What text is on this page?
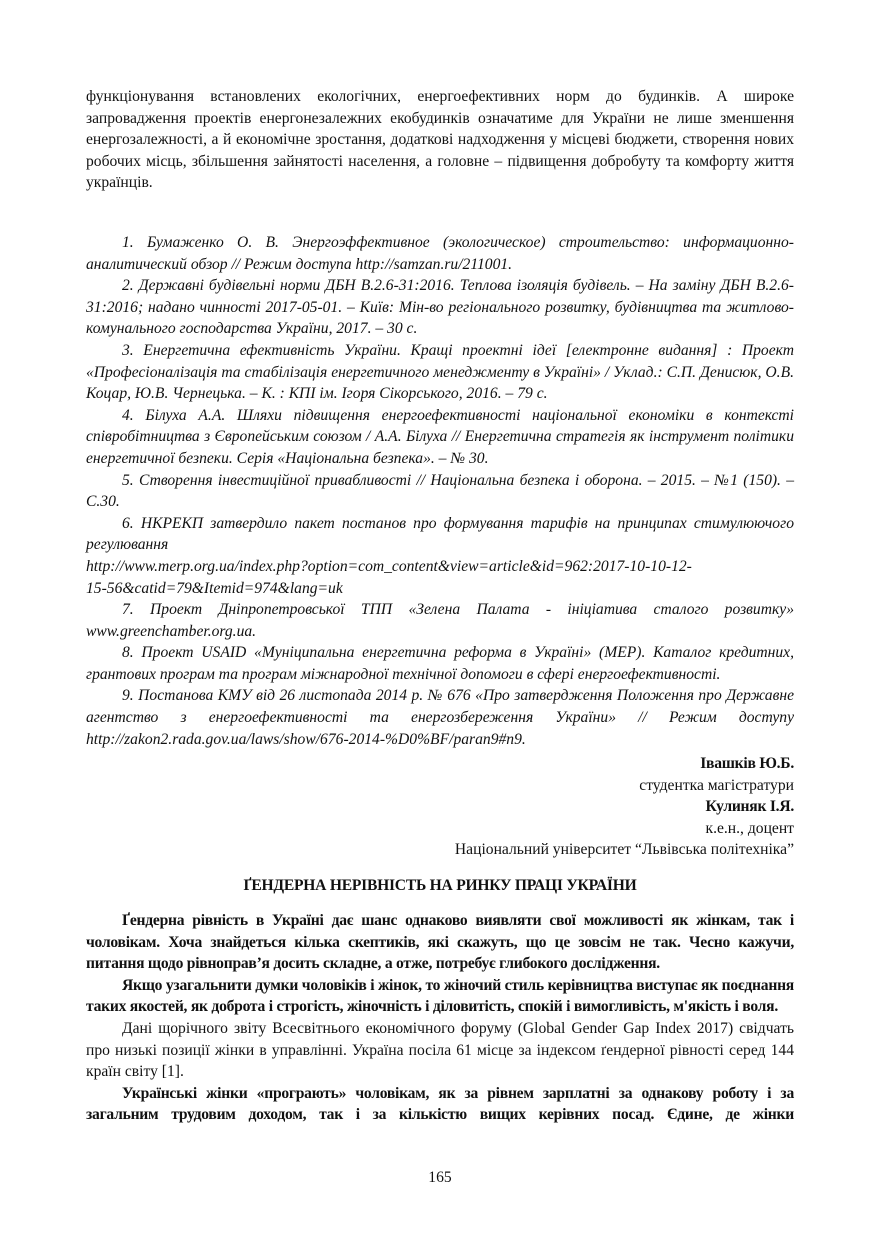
функціонування встановлених екологічних, енергоефективних норм до будинків. А широке запровадження проектів енергонезалежних екобудинків означатиме для України не лише зменшення енергозалежності, а й економічне зростання, додаткові надходження у місцеві бюджети, створення нових робочих місць, збільшення зайнятості населення, а головне – підвищення добробуту та комфорту життя українців.

1. Бумаженко О. В. Энергоэффективное (экологическое) строительство: информационно-аналитический обзор // Режим доступа http://samzan.ru/211001.

2. Державні будівельні норми ДБН В.2.6-31:2016. Теплова ізоляція будівель. – На заміну ДБН В.2.6-31:2016; надано чинності 2017-05-01. – Київ: Мін-во регіонального розвитку, будівництва та житлово-комунального господарства України, 2017. – 30 с.

3. Енергетична ефективність України. Кращі проектні ідеї [електронне видання] : Проект «Професіоналізація та стабілізація енергетичного менеджменту в Україні» / Уклад.: С.П. Денисюк, О.В. Коцар, Ю.В. Чернецька. – К. : КПІ ім. Ігоря Сікорського, 2016. – 79 с.

4. Білуха А.А. Шляхи підвищення енергоефективності національної економіки в контексті співробітництва з Європейським союзом / А.А. Білуха // Енергетична стратегія як інструмент політики енергетичної безпеки. Серія «Національна безпека». – № 30.

5. Створення інвестиційної привабливості // Національна безпека і оборона. – 2015. – №1 (150). – С.30.

6. НКРЕКП затвердило пакет постанов про формування тарифів на принципах стимулюючого регулювання
http://www.merp.org.ua/index.php?option=com_content&view=article&id=962:2017-10-10-12-
15-56&catid=79&Itemid=974&lang=uk

7. Проект Дніпропетровської ТПП «Зелена Палата - ініціатива сталого розвитку» www.greenchamber.org.ua.

8. Проект USAID «Муніципальна енергетична реформа в Україні» (МЕР). Каталог кредитних, грантових програм та програм міжнародної технічної допомоги в сфері енергоефективності.

9. Постанова КМУ від 26 листопада 2014 р. № 676 «Про затвердження Положення про Державне агентство з енергоефективності та енергозбереження України» // Режим доступу http://zakon2.rada.gov.ua/laws/show/676-2014-%D0%BF/paran9#n9.

Івашків Ю.Б.

студентка магістратури

Кулиняк І.Я.

к.е.н., доцент

Національний університет “Львівська політехніка”

ҐЕНДЕРНА НЕРІВНІСТЬ НА РИНКУ ПРАЦІ УКРАЇНИ

Ґендерна рівність в Україні дає шанс однаково виявляти свої можливості як жінкам, так і чоловікам. Хоча знайдеться кілька скептиків, які скажуть, що це зовсім не так. Чесно кажучи, питання щодо рівноправ’я досить складне, а отже, потребує глибокого дослідження.

Якщо узагальнити думки чоловіків і жінок, то жіночий стиль керівництва виступає як поєднання таких якостей, як доброта і строгість, жіночність і діловитість, спокій і вимогливість, м'якість і воля.

Дані щорічного звіту Всесвітнього економічного форуму (Global Gender Gap Index 2017) свідчать про низькі позиції жінки в управлінні. Україна посіла 61 місце за індексом ґендерної рівності серед 144 країн світу [1].

Українські жінки «програють» чоловікам, як за рівнем зарплатні за однакову роботу і за загальним трудовим доходом, так і за кількістю вищих керівних посад. Єдине, де жінки

165
